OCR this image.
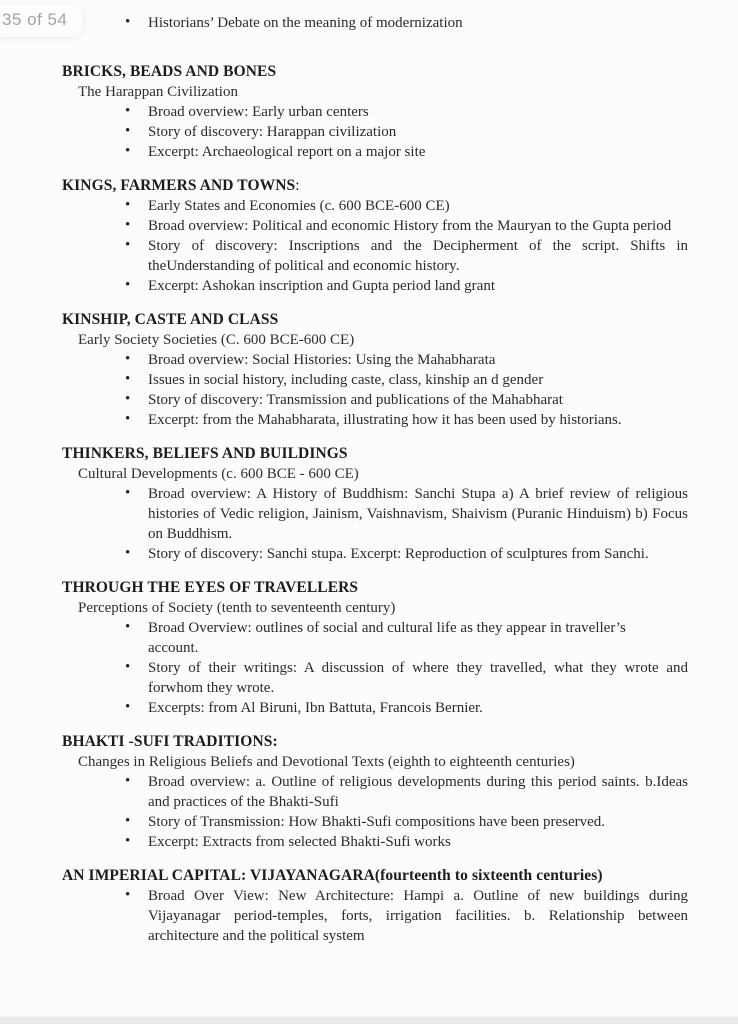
35 of 54	• Historians’ Debate on the meaning of modernization
BRICKS, BEADS AND BONES
The Harappan Civilization
• Broad overview: Early urban centers
• Story of discovery: Harappan civilization
• Excerpt: Archaeological report on a major site
KINGS, FARMERS AND TOWNS:
• Early States and Economies (c. 600 BCE-600 CE)
• Broad overview: Political and economic History from the Mauryan to the Gupta period
• Story of discovery: Inscriptions and the Decipherment of the script. Shifts in theUnderstanding of political and economic history.
• Excerpt: Ashokan inscription and Gupta period land grant
KINSHIP, CASTE AND CLASS
Early Society Societies (C. 600 BCE-600 CE)
• Broad overview: Social Histories: Using the Mahabharata
• Issues in social history, including caste, class, kinship an d gender
• Story of discovery: Transmission and publications of the Mahabharat
• Excerpt: from the Mahabharata, illustrating how it has been used by historians.
THINKERS, BELIEFS AND BUILDINGS
Cultural Developments (c. 600 BCE - 600 CE)
• Broad overview: A History of Buddhism: Sanchi Stupa a) A brief review of religious histories of Vedic religion, Jainism, Vaishnavism, Shaivism (Puranic Hinduism) b) Focus on Buddhism.
• Story of discovery: Sanchi stupa. Excerpt: Reproduction of sculptures from Sanchi.
THROUGH THE EYES OF TRAVELLERS
Perceptions of Society (tenth to seventeenth century)
• Broad Overview: outlines of social and cultural life as they appear in traveller’s
account.
• Story of their writings: A discussion of where they travelled, what they wrote and forwhom they wrote.
• Excerpts: from Al Biruni, Ibn Battuta, Francois Bernier.
BHAKTI -SUFI TRADITIONS:
Changes in Religious Beliefs and Devotional Texts (eighth to eighteenth centuries)
• Broad overview: a. Outline of religious developments during this period saints. b.Ideas and practices of the Bhakti-Sufi
• Story of Transmission: How Bhakti-Sufi compositions have been preserved.
• Excerpt: Extracts from selected Bhakti-Sufi works
AN IMPERIAL CAPITAL: VIJAYANAGARA(fourteenth to sixteenth centuries)
• Broad Over View: New Architecture: Hampi a. Outline of new buildings during Vijayanagar period-temples, forts, irrigation facilities. b. Relationship between architecture and the political system
